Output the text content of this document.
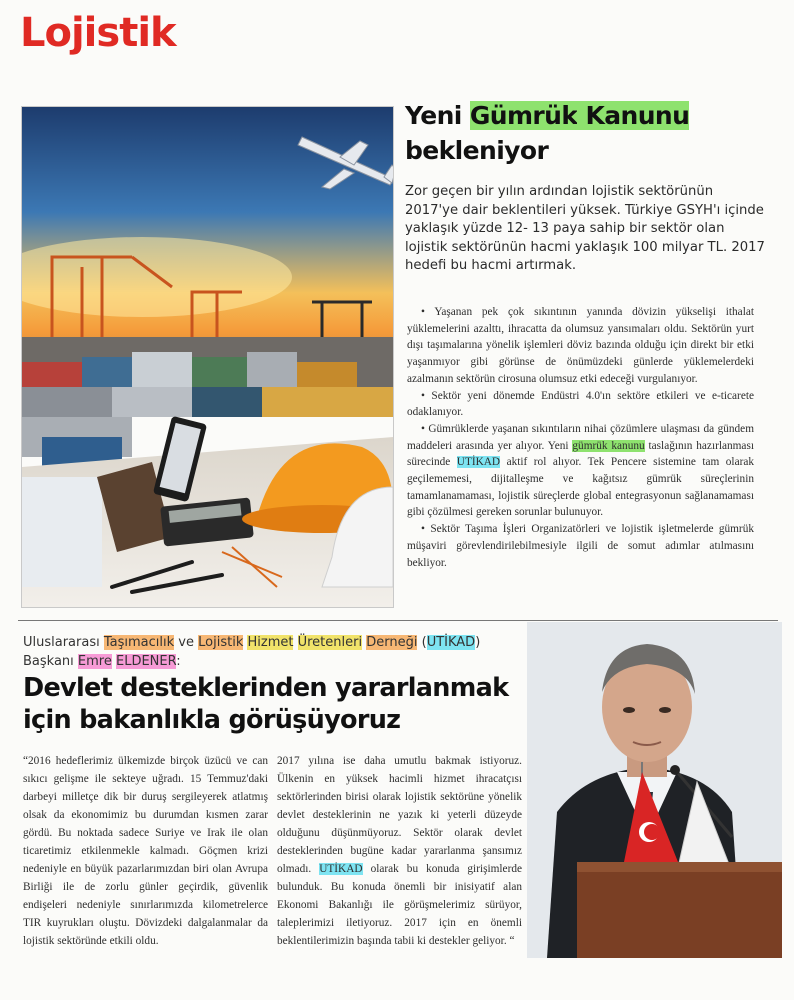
Lojistik
Yeni Gümrük Kanunu
bekleniyor

Zor geçen bir yılın ardından lojistik sektörünün 2017'ye dair beklentileri yüksek. Türkiye GSYH'ı içinde yaklaşık yüzde 12- 13 paya sahip bir sektör olan lojistik sektörünün hacmi yaklaşık 100 milyar TL. 2017 hedefi bu hacmi artırmak.

• Yaşanan pek çok sıkıntının yanında dövizin yükselişi ithalat yüklemelerini azalttı, ihracatta da olumsuz yansımaları oldu. Sektörün yurt dışı taşımalarına yönelik işlemleri döviz bazında olduğu için direkt bir etki yaşanmıyor gibi görünse de önümüzdeki günlerde yüklemelerdeki azalmanın sektörün cirosuna olumsuz etki edeceği vurgulanıyor.

• Sektör yeni dönemde Endüstri 4.0'ın sektöre etkileri ve e-ticarete odaklanıyor.

• Gümrüklerde yaşanan sıkıntıların nihai çözümlere ulaşması da gündem maddeleri arasında yer alıyor. Yeni gümrük kanunu taslağının hazırlanması sürecinde UTİKAD aktif rol alıyor. Tek Pencere sistemine tam olarak geçilememesi, dijitalleşme ve kağıtsız gümrük süreçlerinin tamamlanamaması, lojistik süreçlerde global entegrasyonun sağlanamaması gibi çözülmesi gereken sorunlar bulunuyor.

• Sektör Taşıma İşleri Organizatörleri ve lojistik işletmelerde gümrük müşaviri görevlendirilebilmesiyle ilgili de somut adımlar atılmasını bekliyor.

Uluslararası Taşımacılık ve Lojistik Hizmet Üretenleri Derneği (UTİKAD)
Başkanı Emre ELDENER:
Devlet desteklerinden yararlanmak
için bakanlıkla görüşüyoruz

“2016 hedeflerimiz ülkemizde birçok üzücü ve can sıkıcı gelişme ile sekteye uğradı. 15 Temmuz'daki darbeyi milletçe dik bir duruş sergileyerek atlatmış olsak da ekonomimiz bu durumdan kısmen zarar gördü. Bu noktada sadece Suriye ve Irak ile olan ticaretimiz etkilenmekle kalmadı. Göçmen krizi nedeniyle en büyük pazarlarımızdan biri olan Avrupa Birliği ile de zorlu günler geçirdik, güvenlik endişeleri nedeniyle sınırlarımızda kilometrelerce TIR kuyrukları oluştu. Dövizdeki dalgalanmalar da lojistik sektöründe etkili oldu.

2017 yılına ise daha umutlu bakmak istiyoruz. Ülkenin en yüksek hacimli hizmet ihracatçısı sektörlerinden birisi olarak lojistik sektörüne yönelik devlet desteklerinin ne yazık ki yeterli düzeyde olduğunu düşünmüyoruz. Sektör olarak devlet desteklerinden bugüne kadar yararlanma şansımız olmadı. UTİKAD olarak bu konuda girişimlerde bulunduk. Bu konuda önemli bir inisiyatif alan Ekonomi Bakanlığı ile görüşmelerimiz sürüyor, taleplerimizi iletiyoruz. 2017 için en önemli beklentilerimizin başında tabii ki destekler geliyor. “
